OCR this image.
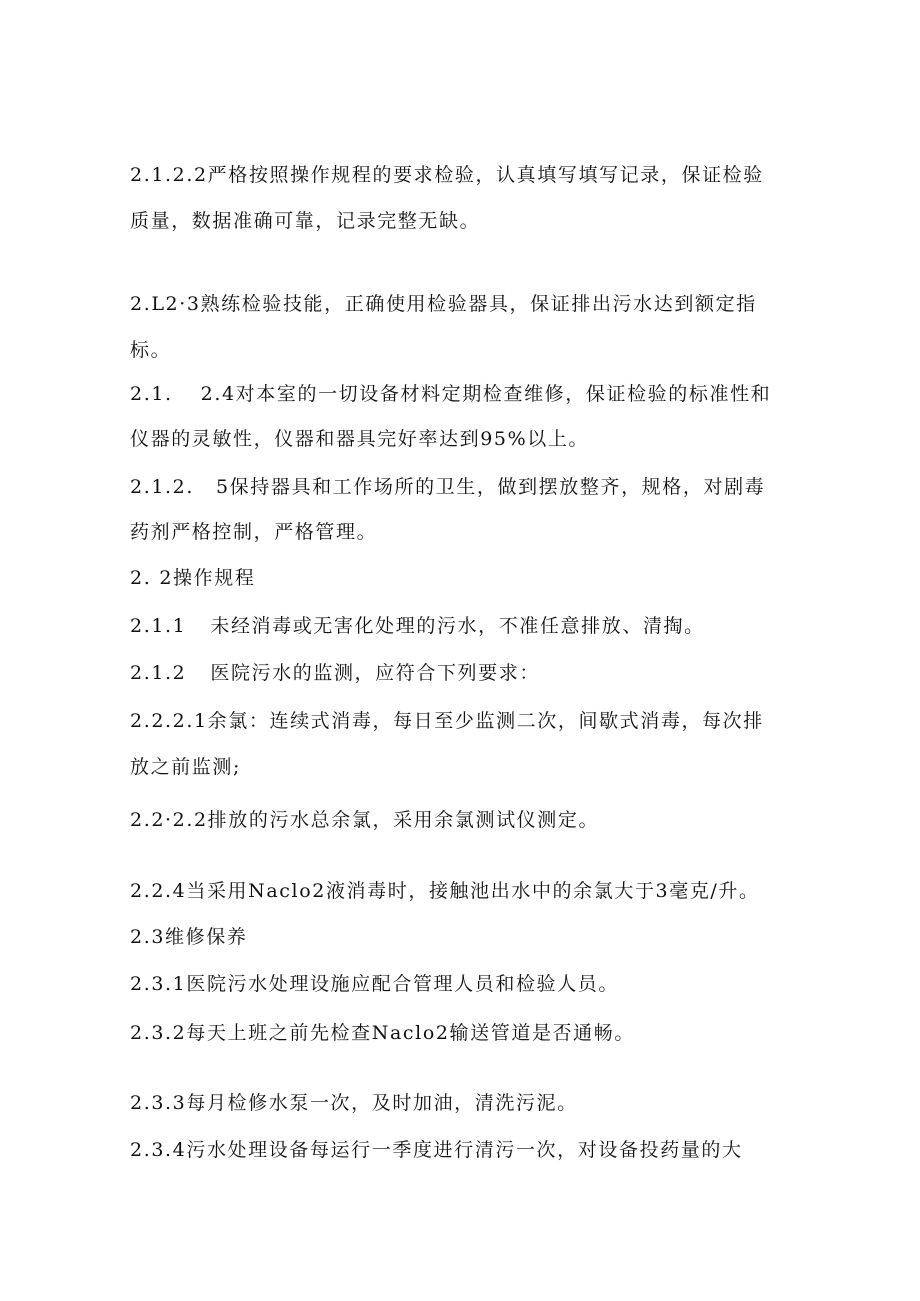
2.1.2.2严格按照操作规程的要求检验，认真填写填写记录，保证检验

质量，数据准确可靠，记录完整无缺。

2.L2·3熟练检验技能，正确使用检验器具，保证排出污水达到额定指

标。

2.1. 2.4对本室的一切设备材料定期检查维修，保证检验的标准性和

仪器的灵敏性，仪器和器具完好率达到95%以上。

2.1.2. 5保持器具和工作场所的卫生，做到摆放整齐，规格，对剧毒

药剂严格控制，严格管理。

2. 2操作规程

2.1.1 未经消毒或无害化处理的污水，不准任意排放、清掏。

2.1.2 医院污水的监测，应符合下列要求：

2.2.2.1余氯：连续式消毒，每日至少监测二次，间歇式消毒，每次排

放之前监测;

2.2·2.2排放的污水总余氯，采用余氯测试仪测定。

2.2.4当采用Naclo2液消毒时，接触池出水中的余氯大于3毫克/升。

2.3维修保养

2.3.1医院污水处理设施应配合管理人员和检验人员。

2.3.2每天上班之前先检查Naclo2输送管道是否通畅。

2.3.3每月检修水泵一次，及时加油，清洗污泥。

2.3.4污水处理设备每运行一季度进行清污一次，对设备投药量的大
